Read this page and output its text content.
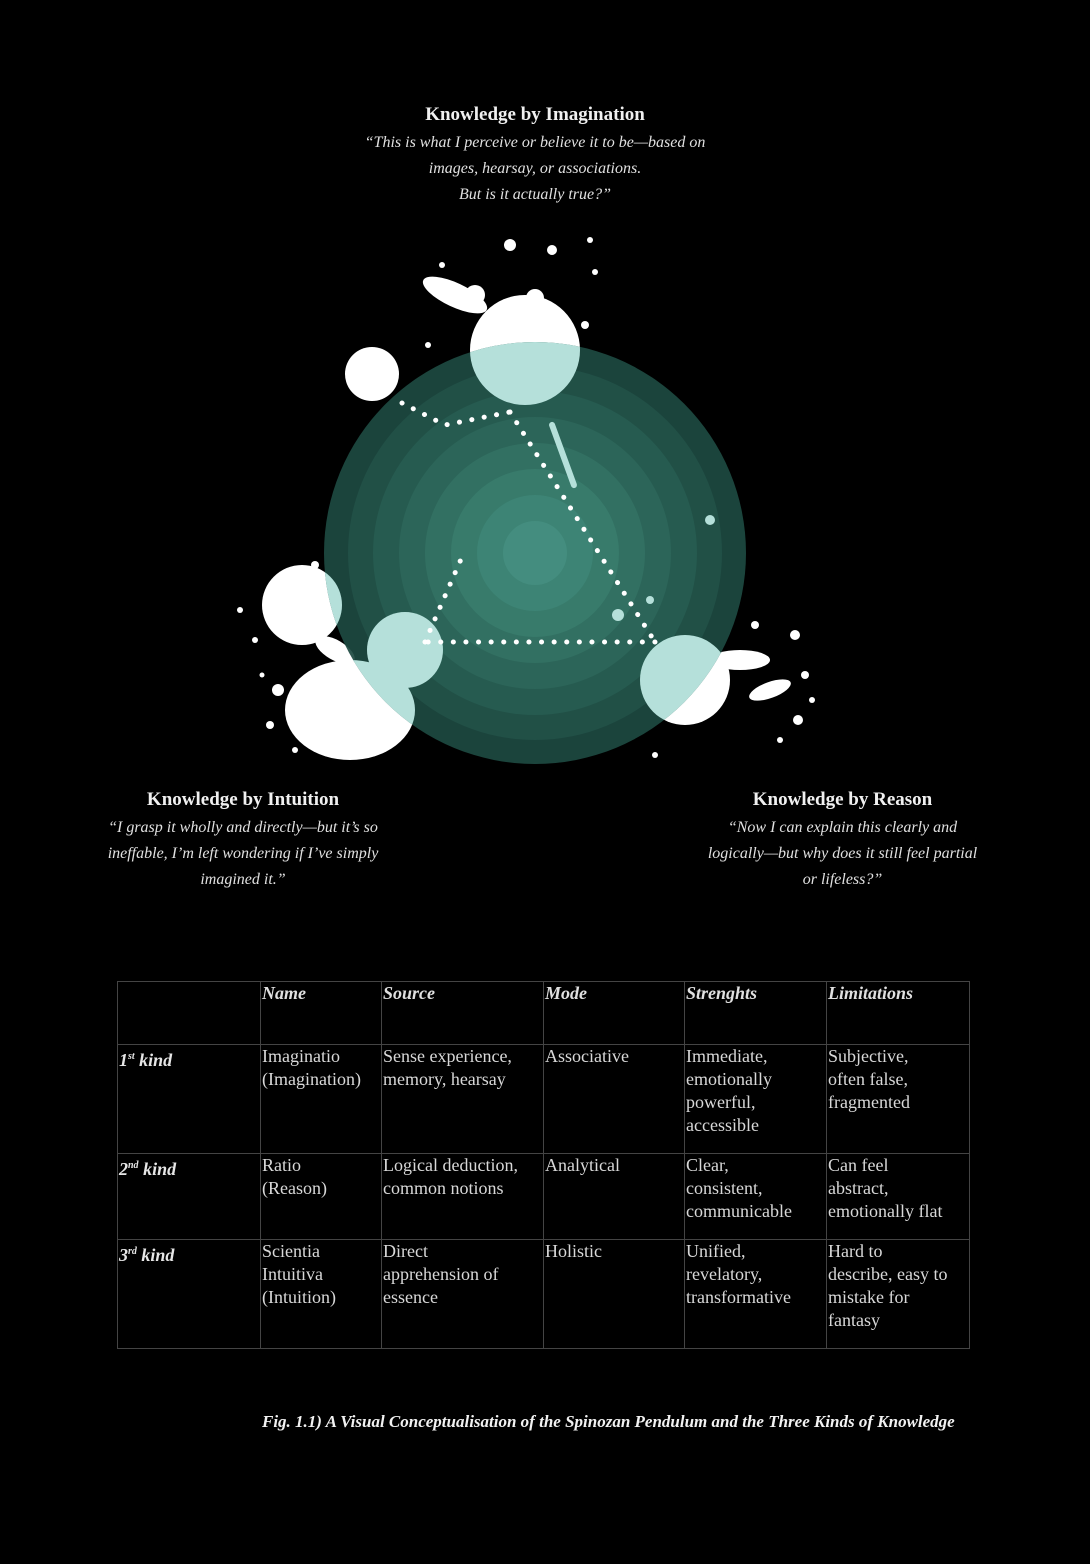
Knowledge by Imagination

“This is what I perceive or believe it to be—based on
images, hearsay, or associations.
But is it actually true?”

Knowledge by Intuition

“I grasp it wholly and directly—but it’s so
ineffable, I’m left wondering if I’ve simply
imagined it.”

Knowledge by Reason

“Now I can explain this clearly and
logically—but why does it still feel partial
or lifeless?”

	Name	Source	Mode	Strenghts	Limitations
1st kind	Imaginatio
(Imagination)	Sense experience,
memory, hearsay	Associative	Immediate,
emotionally
powerful,
accessible	Subjective,
often false,
fragmented
2nd kind	Ratio
(Reason)	Logical deduction,
common notions	Analytical	Clear,
consistent,
communicable	Can feel
abstract,
emotionally flat
3rd kind	Scientia
Intuitiva
(Intuition)	Direct
apprehension of
essence	Holistic	Unified,
revelatory,
transformative	Hard to
describe, easy to
mistake for
fantasy
Fig. 1.1) A Visual Conceptualisation of the Spinozan Pendulum and the Three Kinds of Knowledge
